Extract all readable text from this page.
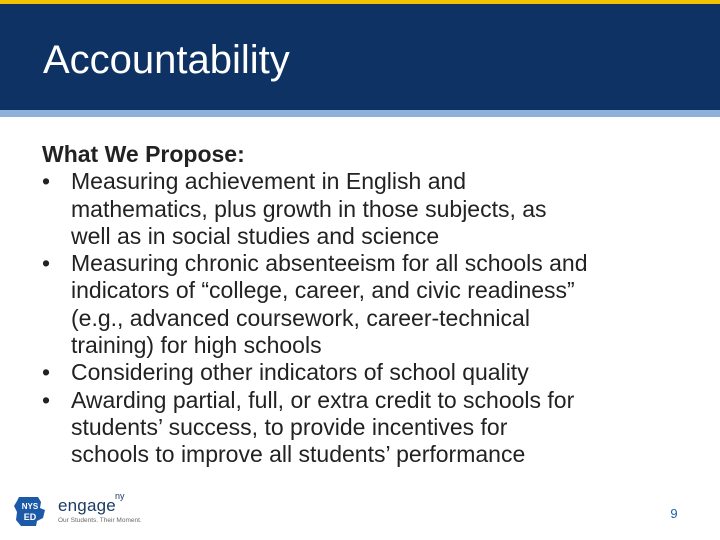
Accountability

What We Propose:

• Measuring achievement in English and
mathematics, plus growth in those subjects, as
well as in social studies and science
• Measuring chronic absenteeism for all schools and
indicators of “college, career, and civic readiness”
(e.g., advanced coursework, career-technical
training) for high schools
• Considering other indicators of school quality
• Awarding partial, full, or extra credit to schools for
students’ success, to provide incentives for
schools to improve all students’ performance
NYS
ED
engage ny
Our Students. Their Moment.	9
